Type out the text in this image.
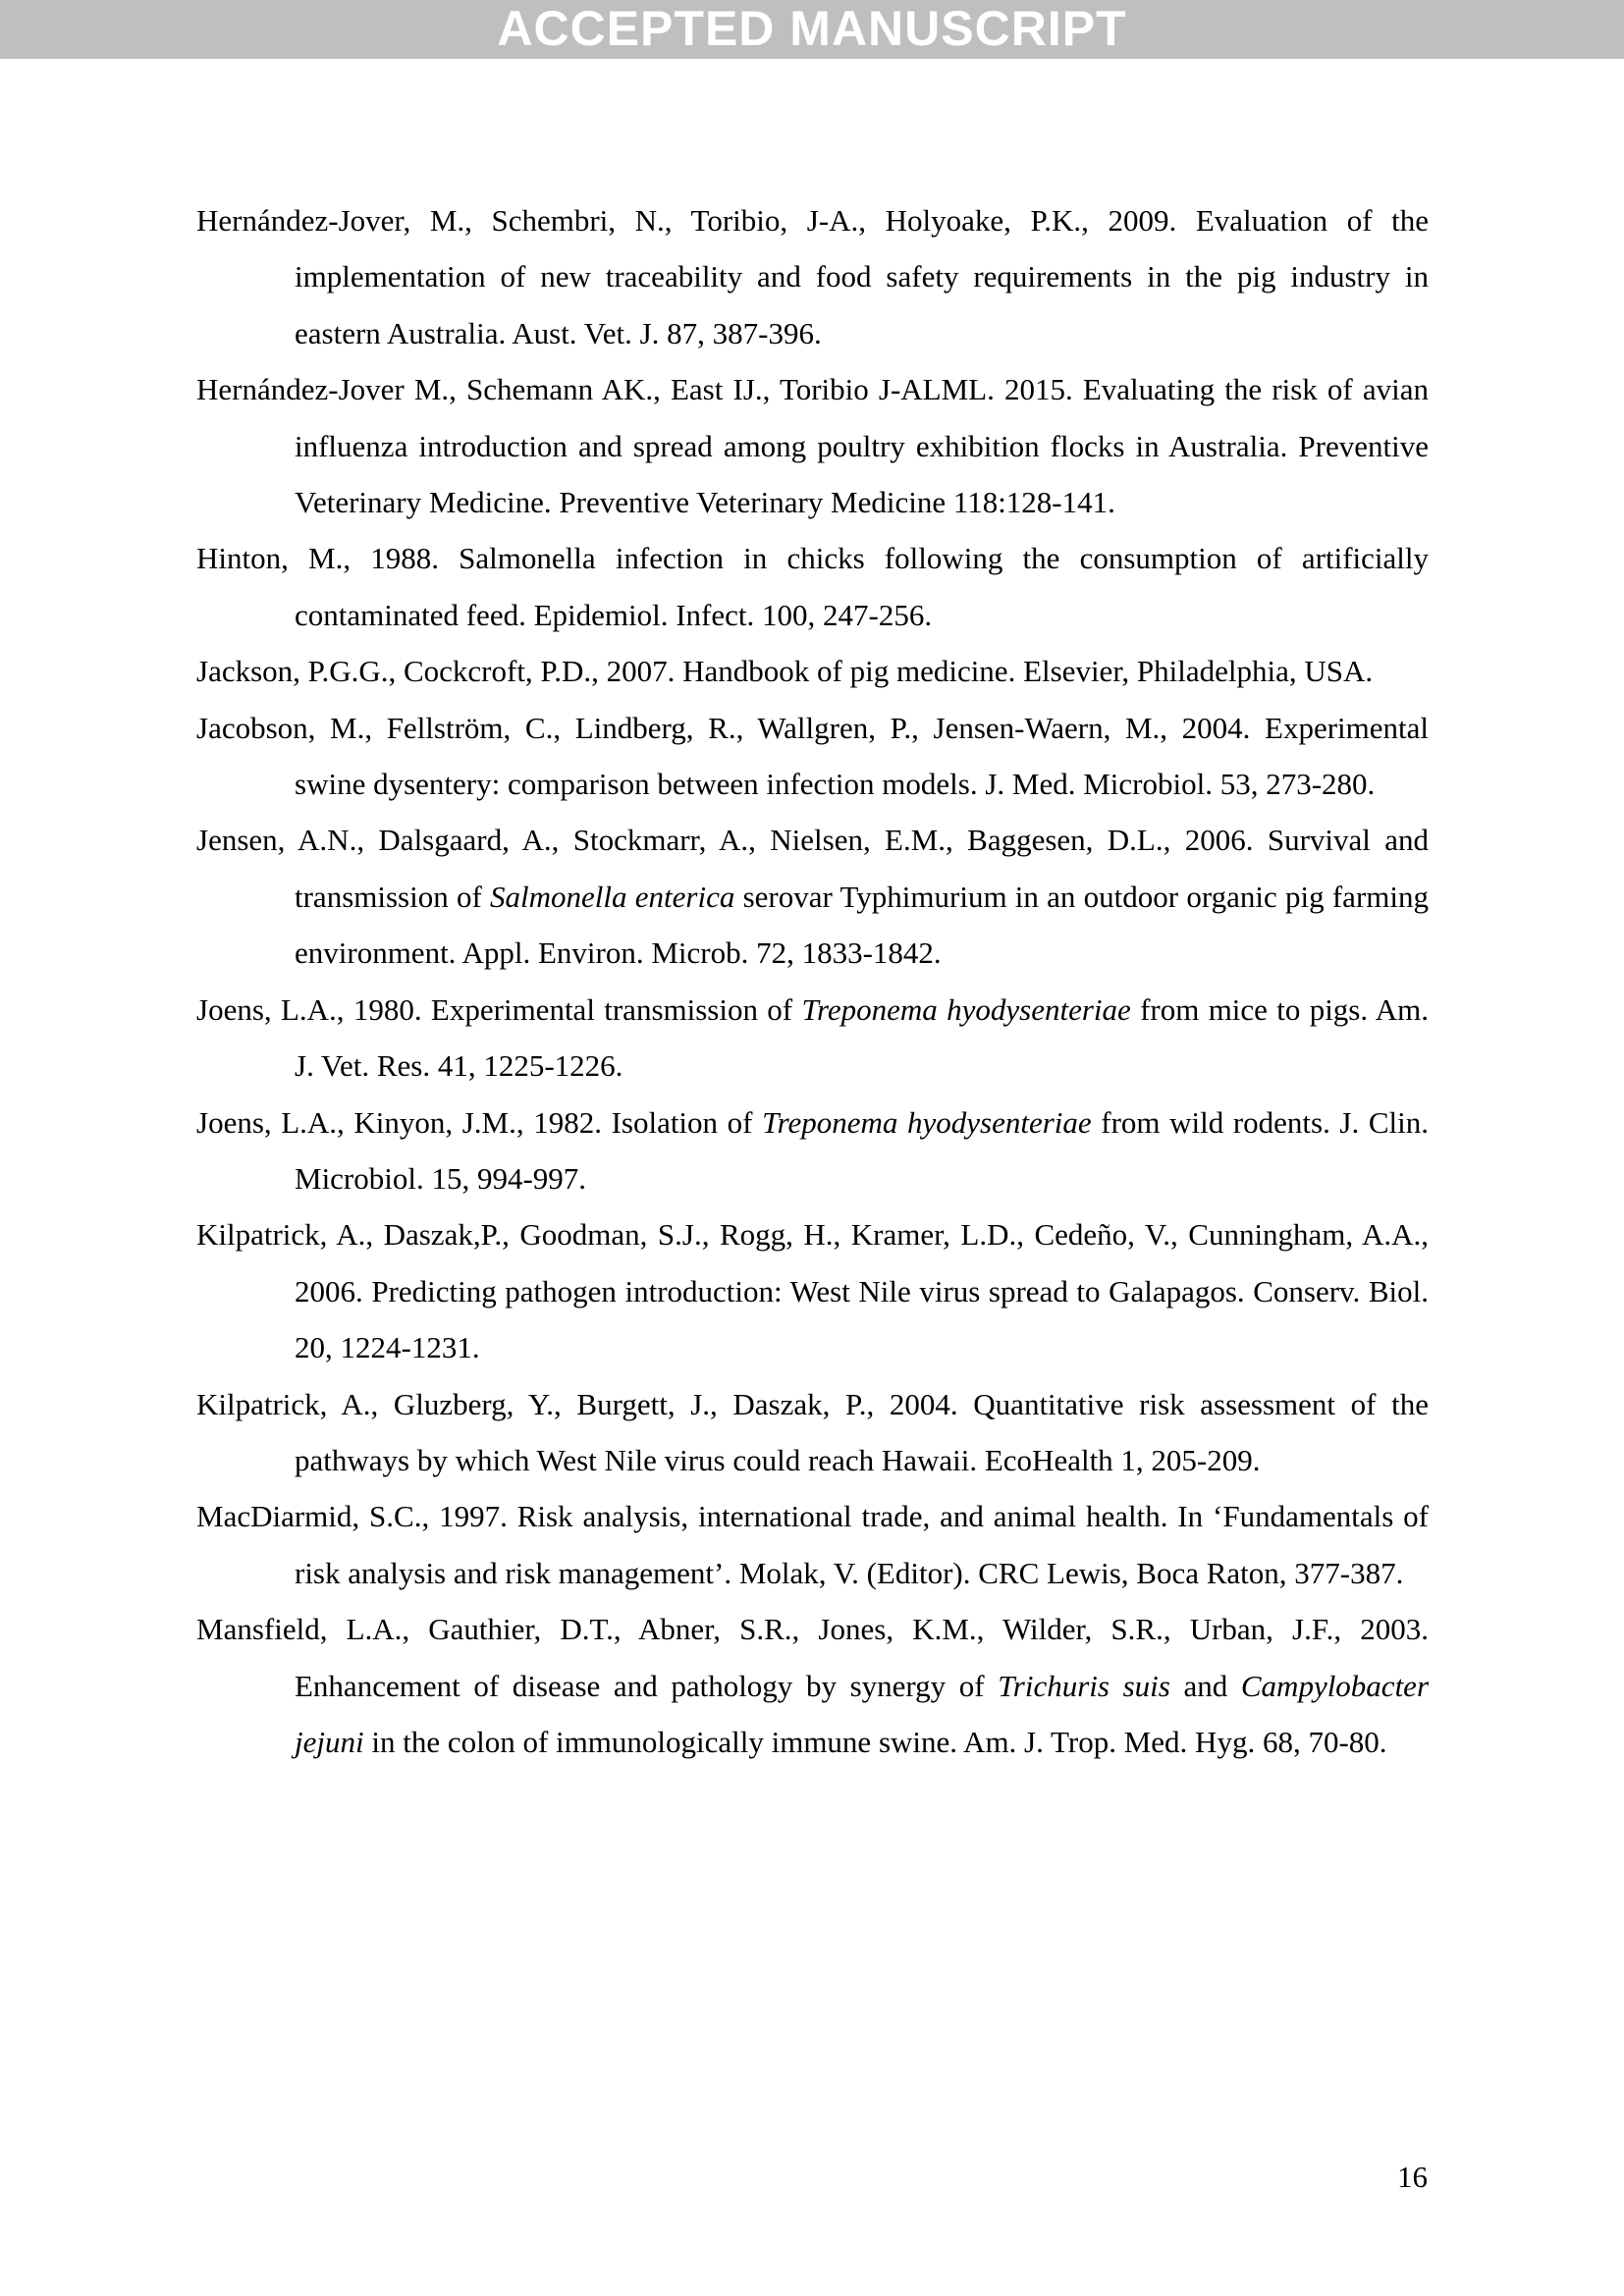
ACCEPTED MANUSCRIPT

Hernández-Jover, M., Schembri, N., Toribio, J-A., Holyoake, P.K., 2009. Evaluation of the implementation of new traceability and food safety requirements in the pig industry in eastern Australia. Aust. Vet. J. 87, 387-396.

Hernández-Jover M., Schemann AK., East IJ., Toribio J-ALML. 2015. Evaluating the risk of avian influenza introduction and spread among poultry exhibition flocks in Australia. Preventive Veterinary Medicine. Preventive Veterinary Medicine 118:128-141.

Hinton, M., 1988. Salmonella infection in chicks following the consumption of artificially contaminated feed. Epidemiol. Infect. 100, 247-256.

Jackson, P.G.G., Cockcroft, P.D., 2007. Handbook of pig medicine. Elsevier, Philadelphia, USA.

Jacobson, M., Fellström, C., Lindberg, R., Wallgren, P., Jensen-Waern, M., 2004. Experimental swine dysentery: comparison between infection models. J. Med. Microbiol. 53, 273-280.

Jensen, A.N., Dalsgaard, A., Stockmarr, A., Nielsen, E.M., Baggesen, D.L., 2006. Survival and transmission of Salmonella enterica serovar Typhimurium in an outdoor organic pig farming environment. Appl. Environ. Microb. 72, 1833-1842.

Joens, L.A., 1980. Experimental transmission of Treponema hyodysenteriae from mice to pigs. Am. J. Vet. Res. 41, 1225-1226.

Joens, L.A., Kinyon, J.M., 1982. Isolation of Treponema hyodysenteriae from wild rodents. J. Clin. Microbiol. 15, 994-997.

Kilpatrick, A., Daszak,P., Goodman, S.J., Rogg, H., Kramer, L.D., Cedeño, V., Cunningham, A.A., 2006. Predicting pathogen introduction: West Nile virus spread to Galapagos. Conserv. Biol. 20, 1224-1231.

Kilpatrick, A., Gluzberg, Y., Burgett, J., Daszak, P., 2004. Quantitative risk assessment of the pathways by which West Nile virus could reach Hawaii. EcoHealth 1, 205-209.

MacDiarmid, S.C., 1997. Risk analysis, international trade, and animal health. In ‘Fundamentals of risk analysis and risk management’. Molak, V. (Editor). CRC Lewis, Boca Raton, 377-387.

Mansfield, L.A., Gauthier, D.T., Abner, S.R., Jones, K.M., Wilder, S.R., Urban, J.F., 2003. Enhancement of disease and pathology by synergy of Trichuris suis and Campylobacter jejuni in the colon of immunologically immune swine. Am. J. Trop. Med. Hyg. 68, 70-80.

16
